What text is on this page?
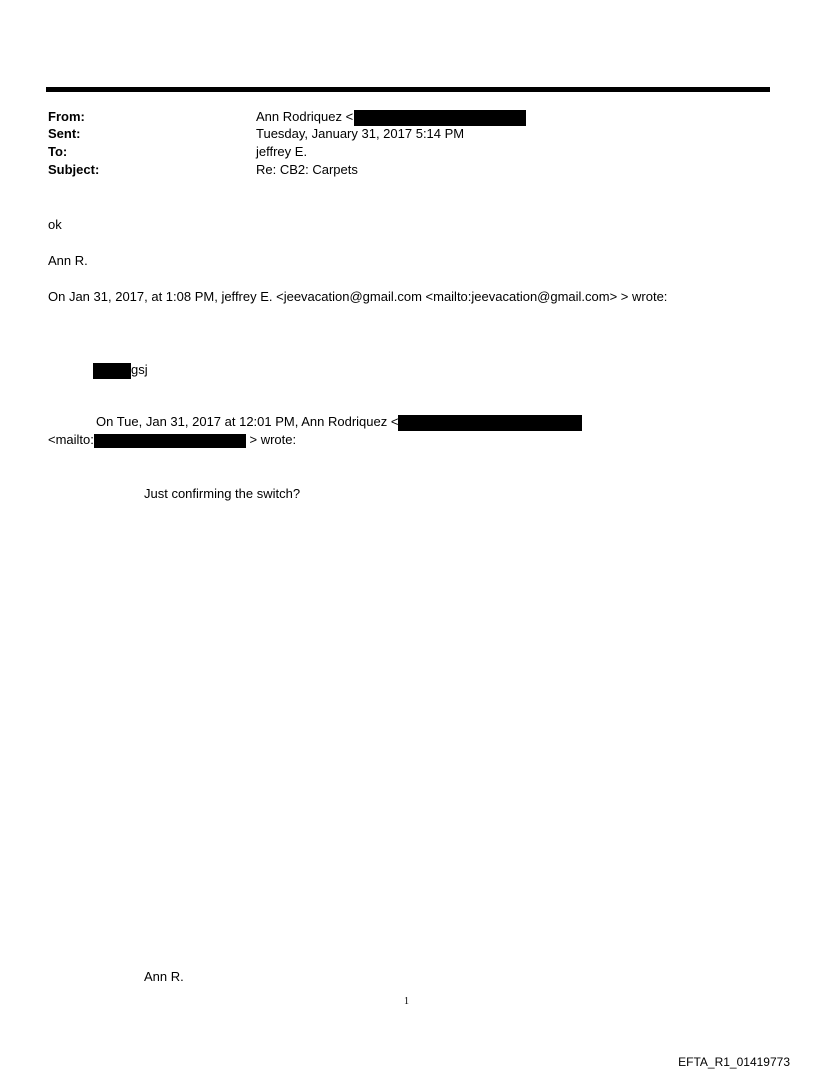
From:	Ann Rodriquez <
Sent:	Tuesday, January 31, 2017 5:14 PM
To:	jeffrey E.
Subject:	Re: CB2: Carpets
ok
Ann R.
On Jan 31, 2017, at 1:08 PM, jeffrey E. <jeevacation@gmail.com <mailto:jeevacation@gmail.com> > wrote:
gsj
On Tue, Jan 31, 2017 at 12:01 PM, Ann Rodriquez <
<mailto:	> wrote:
Just confirming the switch?
Ann R.
1
EFTA_R1_01419773
